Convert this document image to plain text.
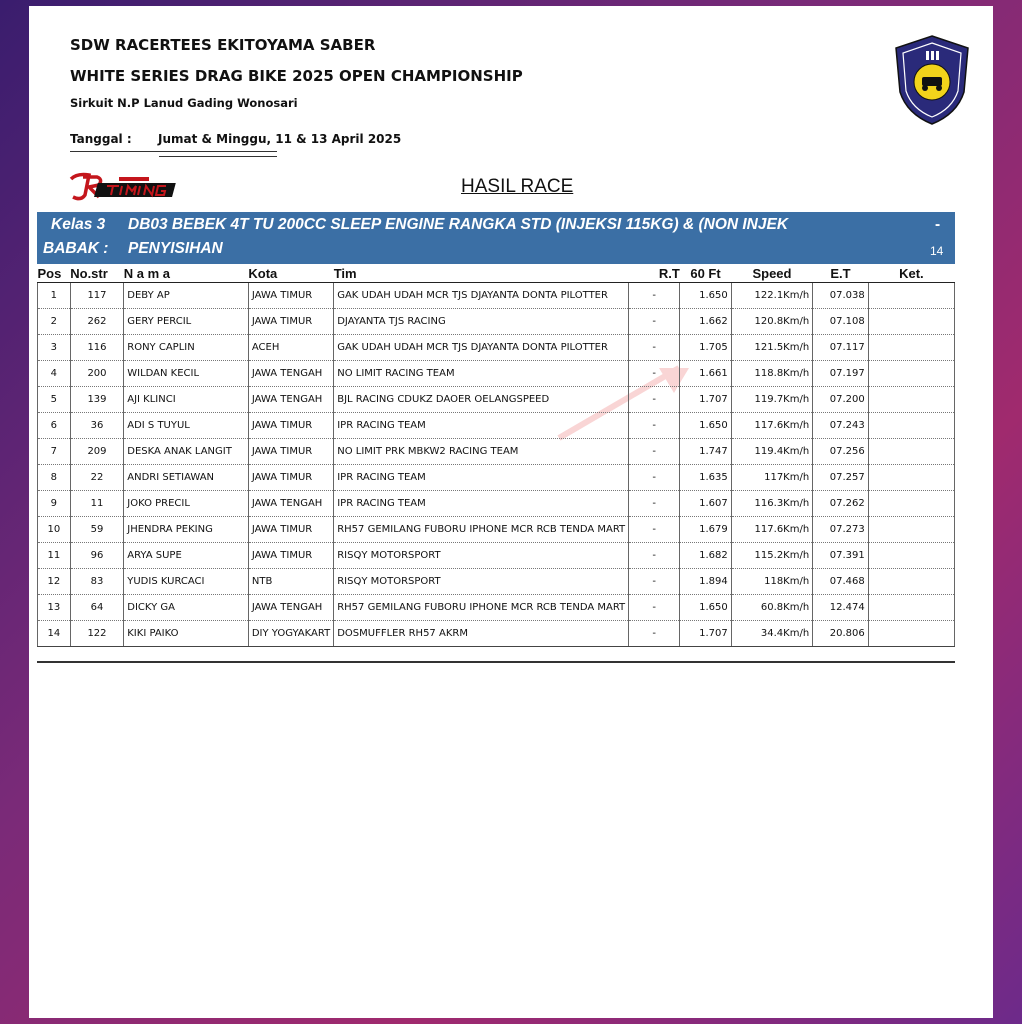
SDW RACERTEES EKITOYAMA SABER
WHITE SERIES DRAG BIKE 2025 OPEN CHAMPIONSHIP
Sirkuit N.P Lanud Gading Wonosari
Tanggal : Jumat & Minggu, 11 & 13 April 2025
HASIL RACE
Kelas 3 DB03 BEBEK 4T TU 200CC SLEEP ENGINE RANGKA STD (INJEKSI 115KG) & (NON INJEK	-
BABAK : PENYISIHAN	14
Pos	No.str	N a m a	Kota	Tim	R.T	60 Ft	Speed	E.T	Ket.
1	117	DEBY AP	JAWA TIMUR	GAK UDAH UDAH MCR TJS DJAYANTA DONTA PILOTTER	-	1.650	122.1Km/h	07.038	
2	262	GERY PERCIL	JAWA TIMUR	DJAYANTA TJS RACING	-	1.662	120.8Km/h	07.108	
3	116	RONY CAPLIN	ACEH	GAK UDAH UDAH MCR TJS DJAYANTA DONTA PILOTTER	-	1.705	121.5Km/h	07.117	
4	200	WILDAN KECIL	JAWA TENGAH	NO LIMIT RACING TEAM	-	1.661	118.8Km/h	07.197	
5	139	AJI KLINCI	JAWA TENGAH	BJL RACING CDUKZ DAOER OELANGSPEED	-	1.707	119.7Km/h	07.200	
6	36	ADI S TUYUL	JAWA TIMUR	IPR RACING TEAM	-	1.650	117.6Km/h	07.243	
7	209	DESKA ANAK LANGIT	JAWA TIMUR	NO LIMIT PRK MBKW2 RACING TEAM	-	1.747	119.4Km/h	07.256	
8	22	ANDRI SETIAWAN	JAWA TIMUR	IPR RACING TEAM	-	1.635	117Km/h	07.257	
9	11	JOKO PRECIL	JAWA TENGAH	IPR RACING TEAM	-	1.607	116.3Km/h	07.262	
10	59	JHENDRA PEKING	JAWA TIMUR	RH57 GEMILANG FUBORU IPHONE MCR RCB TENDA MART	-	1.679	117.6Km/h	07.273	
11	96	ARYA SUPE	JAWA TIMUR	RISQY MOTORSPORT	-	1.682	115.2Km/h	07.391	
12	83	YUDIS KURCACI	NTB	RISQY MOTORSPORT	-	1.894	118Km/h	07.468	
13	64	DICKY GA	JAWA TENGAH	RH57 GEMILANG FUBORU IPHONE MCR RCB TENDA MART	-	1.650	60.8Km/h	12.474	
14	122	KIKI PAIKO	DIY YOGYAKART	DOSMUFFLER RH57 AKRM	-	1.707	34.4Km/h	20.806	
